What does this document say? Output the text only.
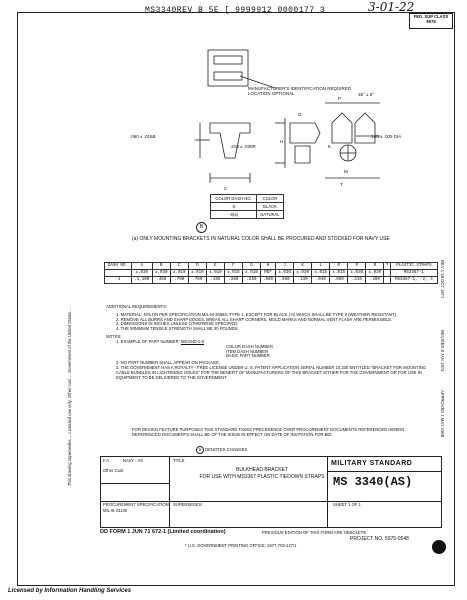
MS3340REV B 5E [ 9999912 0000177 3	3-01-22
FED. SUP CLASS
5975
MANUFACTURER'S IDENTIFICATION REQUIRED LOCATION OPTIONAL
.060 ± .015B
.210 ± .030R
35° ± 5°
.145 ± .005 DIA
C
H
G
P
K
M
T
COLOR DASH NO.	COLOR
-0	BLACK
-9(a)	NATURAL
B
(a) ONLY MOUNTING BRACKETS IN NATURAL COLOR SHALL BE PROCURED AND STOCKED FOR NAVY USE
DASH NO.	A	B	C	D	E	F	G	H	J	K	L	M	P	R	T	PLASTIC STRAPS
	±.030	±.030	±.010	±.010	±.010	±.015	±.010	REF	±.030	±.030	±.015	±.015	±.030	±.030		MS3367-1
-1	.1,100	.450	.700	.750	.195	.280	.250	.060	.550	.130	.040	.060	.310	.390		MS3367-1, -2, 4
ADDITIONAL REQUIREMENTS:
1. MATERIAL: NYLON PER SPECIFICATION MIL-M-20693, TYPE 1, EXCEPT FOR BLACK (-0) WHICH SHALL BE TYPE II (WEATHER RESISTANT).
2. REMOVE ALL BURRS AND SHARP EDGES. BREAK ALL SHARP CORNERS. MOLD MARKS AND NORMAL VENT FLASH ARE PERMISSIBLE.
3. DIMENSIONS IN INCHES UNLESS OTHERWISE SPECIFIED.
4. THE MINIMUM TENSILE STRENGTH SHALL BE 30 POUNDS.
NOTES:
1. EXAMPLE OF PART NUMBER: MS3340-1-9
COLOR DASH NUMBER
ITEM DASH NUMBER
BASIC PART NUMBER
2. NO PART NUMBER SHALL APPEAR ON PACKAGE.
3. THE GOVERNMENT HAS A ROYALTY - FREE LICENSE UNDER U. S. PATENT APPLICATION SERIAL NUMBER 10,330 ENTITLED "BRACKET FOR MOUNTING CABLE BUNDLES IN LIGHTENING HOLES" FOR THE BENEFIT OF MANUFACTURERS OF THIS BRACKET EITHER FOR THE GOVERNMENT OR FOR USE IN EQUIPMENT TO BE DELIVERED TO THE GOVERNMENT.
FOR DESIGN FEATURE PURPOSES THIS STANDARD TAKES PRECEDENCE OVER PROCUREMENT DOCUMENTS REFERENCED HEREIN. REFERENCED DOCUMENTS SHALL BE OF THE ISSUE IN EFFECT ON DATE OF INVITATION FOR BID.
B DENOTES CHANGES
This drawing supersedes ... Licensed use only. Other cust ... Government of the United States ...
REV 1 18 OCT 1977
REVISED 8 JAN 1974
APPROVED 1 MAY 1968
F.A.	NAVY - AS
Other Cust
TITLE
BULKHEAD BRACKET
FOR USE WITH MS3367 PLASTIC TIEDOWN STRAPS
MILITARY STANDARD
MS 3340(AS)
PROCUREMENT SPECIFICATION
MIL-B-23130
SUPERSEDES:	SHEET 1 OF 1
DD FORM 1 JUN 71 672-1 (Limited coordination)	PREVIOUS EDITION OF THIS FORM ARE OBSOLETE
PROJECT NO. 5975-0548
* U.S. GOVERNMENT PRINTING OFFICE: 1977-703-127/1
Licensed by Information Handling Services
